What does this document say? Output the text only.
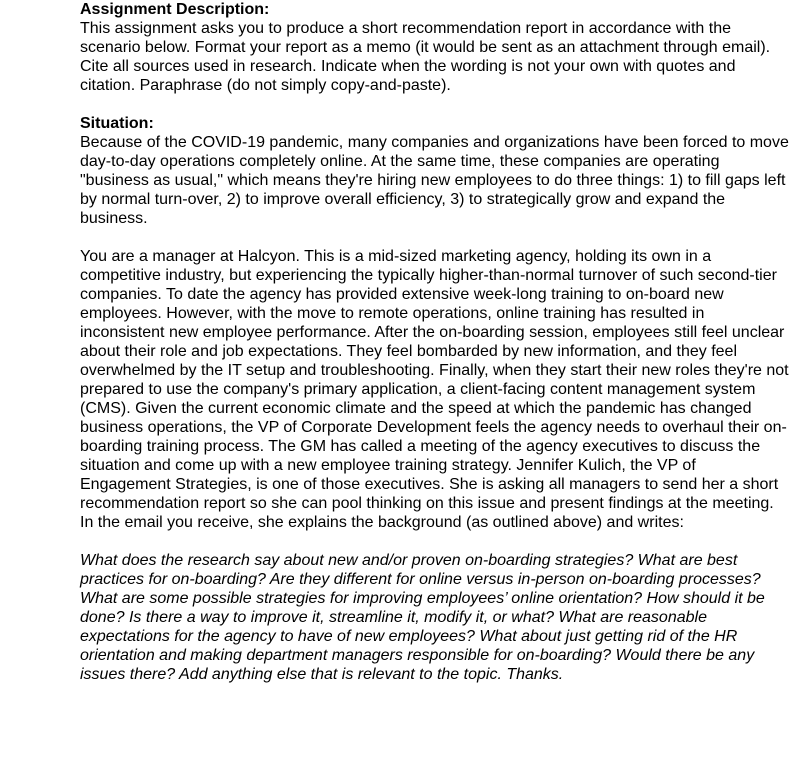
Assignment Description:

This assignment asks you to produce a short recommendation report in accordance with the scenario below. Format your report as a memo (it would be sent as an attachment through email). Cite all sources used in research. Indicate when the wording is not your own with quotes and citation. Paraphrase (do not simply copy-and-paste).

Situation:

Because of the COVID-19 pandemic, many companies and organizations have been forced to move day-to-day operations completely online. At the same time, these companies are operating "business as usual," which means they're hiring new employees to do three things: 1) to fill gaps left by normal turn-over, 2) to improve overall efficiency, 3) to strategically grow and expand the business.

You are a manager at Halcyon. This is a mid-sized marketing agency, holding its own in a competitive industry, but experiencing the typically higher-than-normal turnover of such second-tier companies. To date the agency has provided extensive week-long training to on-board new employees. However, with the move to remote operations, online training has resulted in inconsistent new employee performance. After the on-boarding session, employees still feel unclear about their role and job expectations. They feel bombarded by new information, and they feel overwhelmed by the IT setup and troubleshooting. Finally, when they start their new roles they're not prepared to use the company's primary application, a client-facing content management system (CMS). Given the current economic climate and the speed at which the pandemic has changed business operations, the VP of Corporate Development feels the agency needs to overhaul their on-boarding training process. The GM has called a meeting of the agency executives to discuss the situation and come up with a new employee training strategy. Jennifer Kulich, the VP of Engagement Strategies, is one of those executives. She is asking all managers to send her a short recommendation report so she can pool thinking on this issue and present findings at the meeting. In the email you receive, she explains the background (as outlined above) and writes:

What does the research say about new and/or proven on-boarding strategies? What are best practices for on-boarding? Are they different for online versus in-person on-boarding processes? What are some possible strategies for improving employees’ online orientation? How should it be done? Is there a way to improve it, streamline it, modify it, or what? What are reasonable expectations for the agency to have of new employees? What about just getting rid of the HR orientation and making department managers responsible for on-boarding? Would there be any issues there? Add anything else that is relevant to the topic. Thanks.
